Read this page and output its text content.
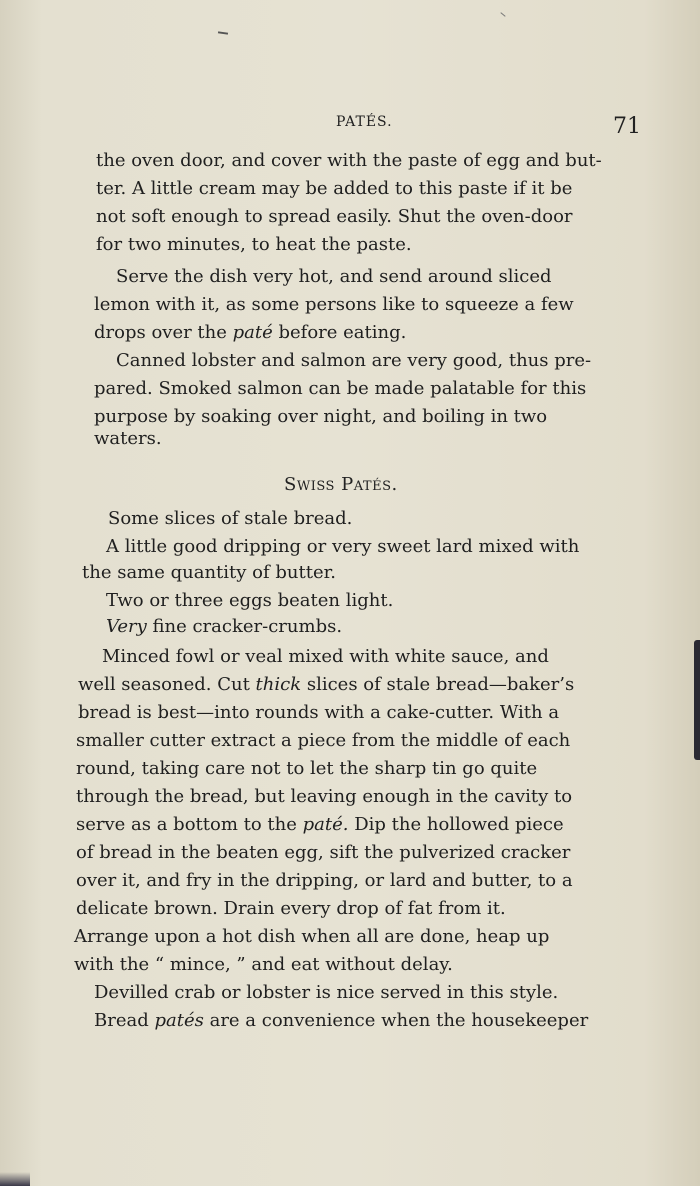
PATÉS.	71
the oven door, and cover with the paste of egg and but-
ter. A little cream may be added to this paste if it be
not soft enough to spread easily. Shut the oven-door
for two minutes, to heat the paste.
Serve the dish very hot, and send around sliced
lemon with it, as some persons like to squeeze a few
drops over the paté before eating.
Canned lobster and salmon are very good, thus pre-
pared. Smoked salmon can be made palatable for this
purpose by soaking over night, and boiling in two
waters.
Swiss Patés.
Some slices of stale bread.
A little good dripping or very sweet lard mixed with
the same quantity of butter.
Two or three eggs beaten light.
Very fine cracker-crumbs.
Minced fowl or veal mixed with white sauce, and
well seasoned. Cut thick slices of stale bread—baker’s
bread is best—into rounds with a cake-cutter. With a
smaller cutter extract a piece from the middle of each
round, taking care not to let the sharp tin go quite
through the bread, but leaving enough in the cavity to
serve as a bottom to the paté. Dip the hollowed piece
of bread in the beaten egg, sift the pulverized cracker
over it, and fry in the dripping, or lard and butter, to a
delicate brown. Drain every drop of fat from it.
Arrange upon a hot dish when all are done, heap up
with the “ mince, ” and eat without delay.
Devilled crab or lobster is nice served in this style.
Bread patés are a convenience when the housekeeper
